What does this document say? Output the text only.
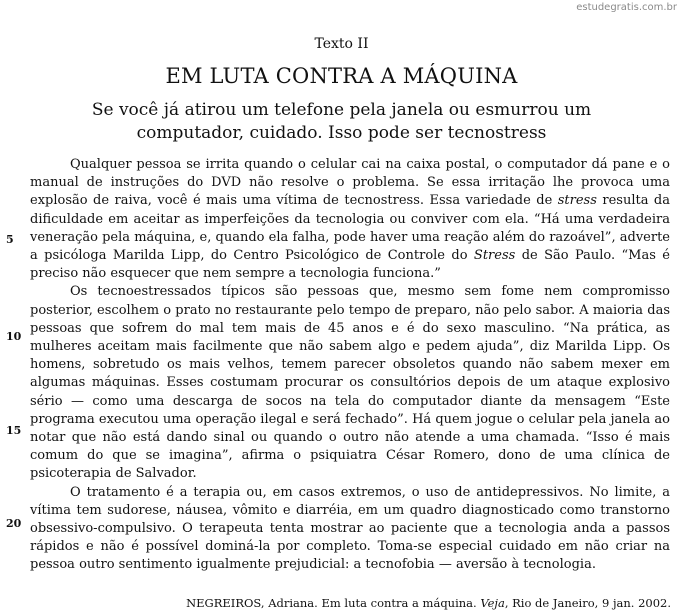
estudegratis.com.br
Texto II
EM LUTA CONTRA A MÁQUINA
Se você já atirou um telefone pela janela ou esmurrou um computador, cuidado. Isso pode ser tecnostress
5
10
15
20

Qualquer pessoa se irrita quando o celular cai na caixa postal, o computador dá pane e o manual de instruções do DVD não resolve o problema. Se essa irritação lhe provoca uma explosão de raiva, você é mais uma vítima de tecnostress. Essa variedade de stress resulta da dificuldade em aceitar as imperfeições da tecnologia ou conviver com ela. “Há uma verdadeira veneração pela máquina, e, quando ela falha, pode haver uma reação além do razoável”, adverte a psicóloga Marilda Lipp, do Centro Psicológico de Controle do Stress de São Paulo. “Mas é preciso não esquecer que nem sempre a tecnologia funciona.”

Os tecnoestressados típicos são pessoas que, mesmo sem fome nem compromisso posterior, escolhem o prato no restaurante pelo tempo de preparo, não pelo sabor. A maioria das pessoas que sofrem do mal tem mais de 45 anos e é do sexo masculino. “Na prática, as mulheres aceitam mais facilmente que não sabem algo e pedem ajuda”, diz Marilda Lipp. Os homens, sobretudo os mais velhos, temem parecer obsoletos quando não sabem mexer em algumas máquinas. Esses costumam procurar os consultórios depois de um ataque explosivo sério — como uma descarga de socos na tela do computador diante da mensagem “Este programa executou uma operação ilegal e será fechado”. Há quem jogue o celular pela janela ao notar que não está dando sinal ou quando o outro não atende a uma chamada. “Isso é mais comum do que se imagina”, afirma o psiquiatra César Romero, dono de uma clínica de psicoterapia de Salvador.

O tratamento é a terapia ou, em casos extremos, o uso de antidepressivos. No limite, a vítima tem sudorese, náusea, vômito e diarréia, em um quadro diagnosticado como transtorno obsessivo-compulsivo. O terapeuta tenta mostrar ao paciente que a tecnologia anda a passos rápidos e não é possível dominá-la por completo. Toma-se especial cuidado em não criar na pessoa outro sentimento igualmente prejudicial: a tecnofobia — aversão à tecnologia.

NEGREIROS, Adriana. Em luta contra a máquina. Veja, Rio de Janeiro, 9 jan. 2002.
